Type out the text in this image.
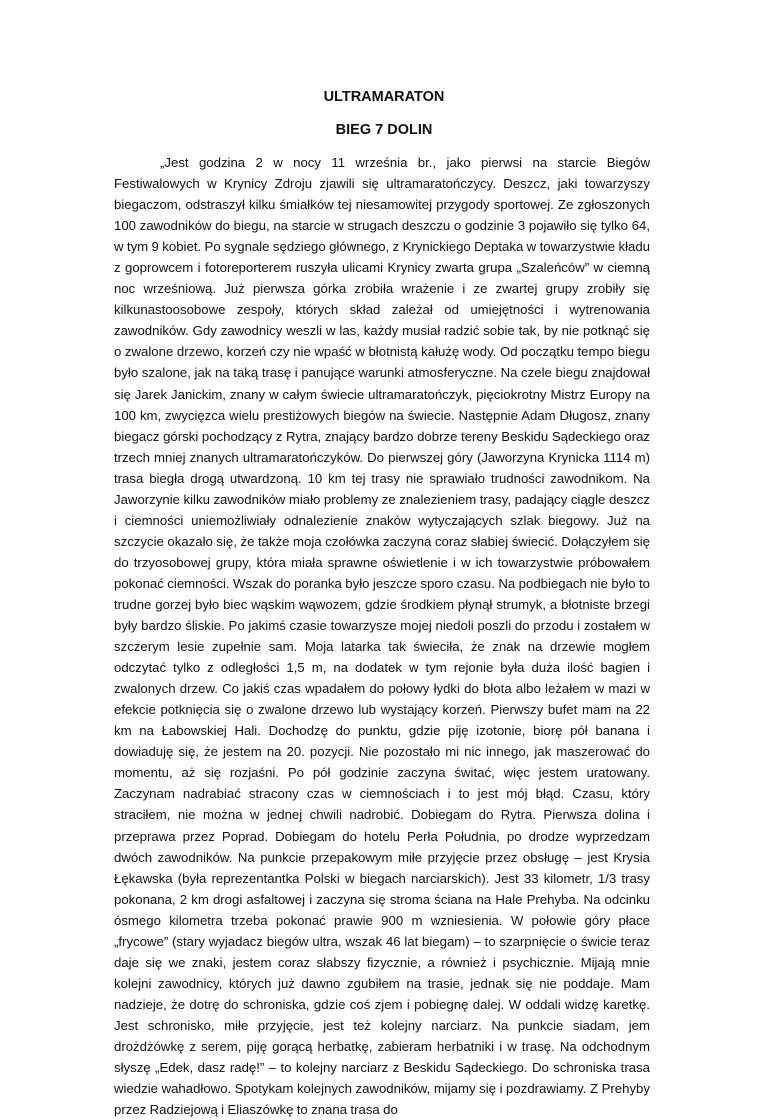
ULTRAMARATON
BIEG 7 DOLIN

„Jest godzina 2 w nocy 11 września br., jako pierwsi na starcie Biegów Festiwalowych w Krynicy Zdroju zjawili się ultramaratończycy. Deszcz, jaki towarzyszy biegaczom, odstraszył kilku śmiałków tej niesamowitej przygody sportowej. Ze zgłoszonych 100 zawodników do biegu, na starcie w strugach deszczu o godzinie 3 pojawiło się tylko 64, w tym 9 kobiet. Po sygnale sędziego głównego, z Krynickiego Deptaka w towarzystwie kładu z goprowcem i fotoreporterem ruszyła ulicami Krynicy zwarta grupa „Szaleńców” w ciemną noc wrześniową. Już pierwsza górka zrobiła wrażenie i ze zwartej grupy zrobiły się kilkunastoosobowe zespoły, których skład zależał od umiejętności i wytrenowania zawodników. Gdy zawodnicy weszli w las, każdy musiał radzić sobie tak, by nie potknąć się o zwalone drzewo, korzeń czy nie wpaść w błotnistą kałużę wody. Od początku tempo biegu było szalone, jak na taką trasę i panujące warunki atmosferyczne. Na czele biegu znajdował się Jarek Janickim, znany w całym świecie ultramaratończyk, pięciokrotny Mistrz Europy na 100 km, zwycięzca wielu prestiżowych biegów na świecie. Następnie Adam Długosz, znany biegacz górski pochodzący z Rytra, znający bardzo dobrze tereny Beskidu Sądeckiego oraz trzech mniej znanych ultramaratończyków. Do pierwszej góry (Jaworzyna Krynicka 1114 m) trasa biegła drogą utwardzoną. 10 km tej trasy nie sprawiało trudności zawodnikom. Na Jaworzynie kilku zawodników miało problemy ze znalezieniem trasy, padający ciągle deszcz i ciemności uniemożliwiały odnalezienie znaków wytyczających szlak biegowy. Już na szczycie okazało się, że także moja czołówka zaczyna coraz słabiej świecić. Dołączyłem się do trzyosobowej grupy, która miała sprawne oświetlenie i w ich towarzystwie próbowałem pokonać ciemności. Wszak do poranka było jeszcze sporo czasu. Na podbiegach nie było to trudne gorzej było biec wąskim wąwozem, gdzie środkiem płynął strumyk, a błotniste brzegi były bardzo śliskie. Po jakimś czasie towarzysze mojej niedoli poszli do przodu i zostałem w szczerym lesie zupełnie sam. Moja latarka tak świeciła, że znak na drzewie mogłem odczytać tylko z odległości 1,5 m, na dodatek w tym rejonie była duża ilość bagien i zwalonych drzew. Co jakiś czas wpadałem do połowy łydki do błota albo leżałem w mazi w efekcie potknięcia się o zwalone drzewo lub wystający korzeń. Pierwszy bufet mam na 22 km na Łabowskiej Hali. Dochodzę do punktu, gdzie piję izotonie, biorę pół banana i dowiaduję się, że jestem na 20. pozycji. Nie pozostało mi nic innego, jak maszerować do momentu, aż się rozjaśni. Po pół godzinie zaczyna świtać, więc jestem uratowany. Zaczynam nadrabiać stracony czas w ciemnościach i to jest mój błąd. Czasu, który straciłem, nie można w jednej chwili nadrobić. Dobiegam do Rytra. Pierwsza dolina i przeprawa przez Poprad. Dobiegam do hotelu Perła Południa, po drodze wyprzedzam dwóch zawodników. Na punkcie przepakowym miłe przyjęcie przez obsługę – jest Krysia Łękawska (była reprezentantka Polski w biegach narciarskich). Jest 33 kilometr, 1/3 trasy pokonana, 2 km drogi asfaltowej i zaczyna się stroma ściana na Hale Prehyba. Na odcinku ósmego kilometra trzeba pokonać prawie 900 m wzniesienia. W połowie góry płace „frycowe” (stary wyjadacz biegów ultra, wszak 46 lat biegam) – to szarpnięcie o świcie teraz daje się we znaki, jestem coraz słabszy fizycznie, a również i psychicznie. Mijają mnie kolejni zawodnicy, których już dawno zgubiłem na trasie, jednak się nie poddaje. Mam nadzieje, że dotrę do schroniska, gdzie coś zjem i pobiegnę dalej. W oddali widzę karetkę. Jest schronisko, miłe przyjęcie, jest też kolejny narciarz. Na punkcie siadam, jem drożdżówkę z serem, piję gorącą herbatkę, zabieram herbatniki i w trasę. Na odchodnym słyszę „Edek, dasz radę!” – to kolejny narciarz z Beskidu Sądeckiego. Do schroniska trasa wiedzie wahadłowo. Spotykam kolejnych zawodników, mijamy się i pozdrawiamy. Z Prehyby przez Radziejową i Eliaszówkę to znana trasa do
